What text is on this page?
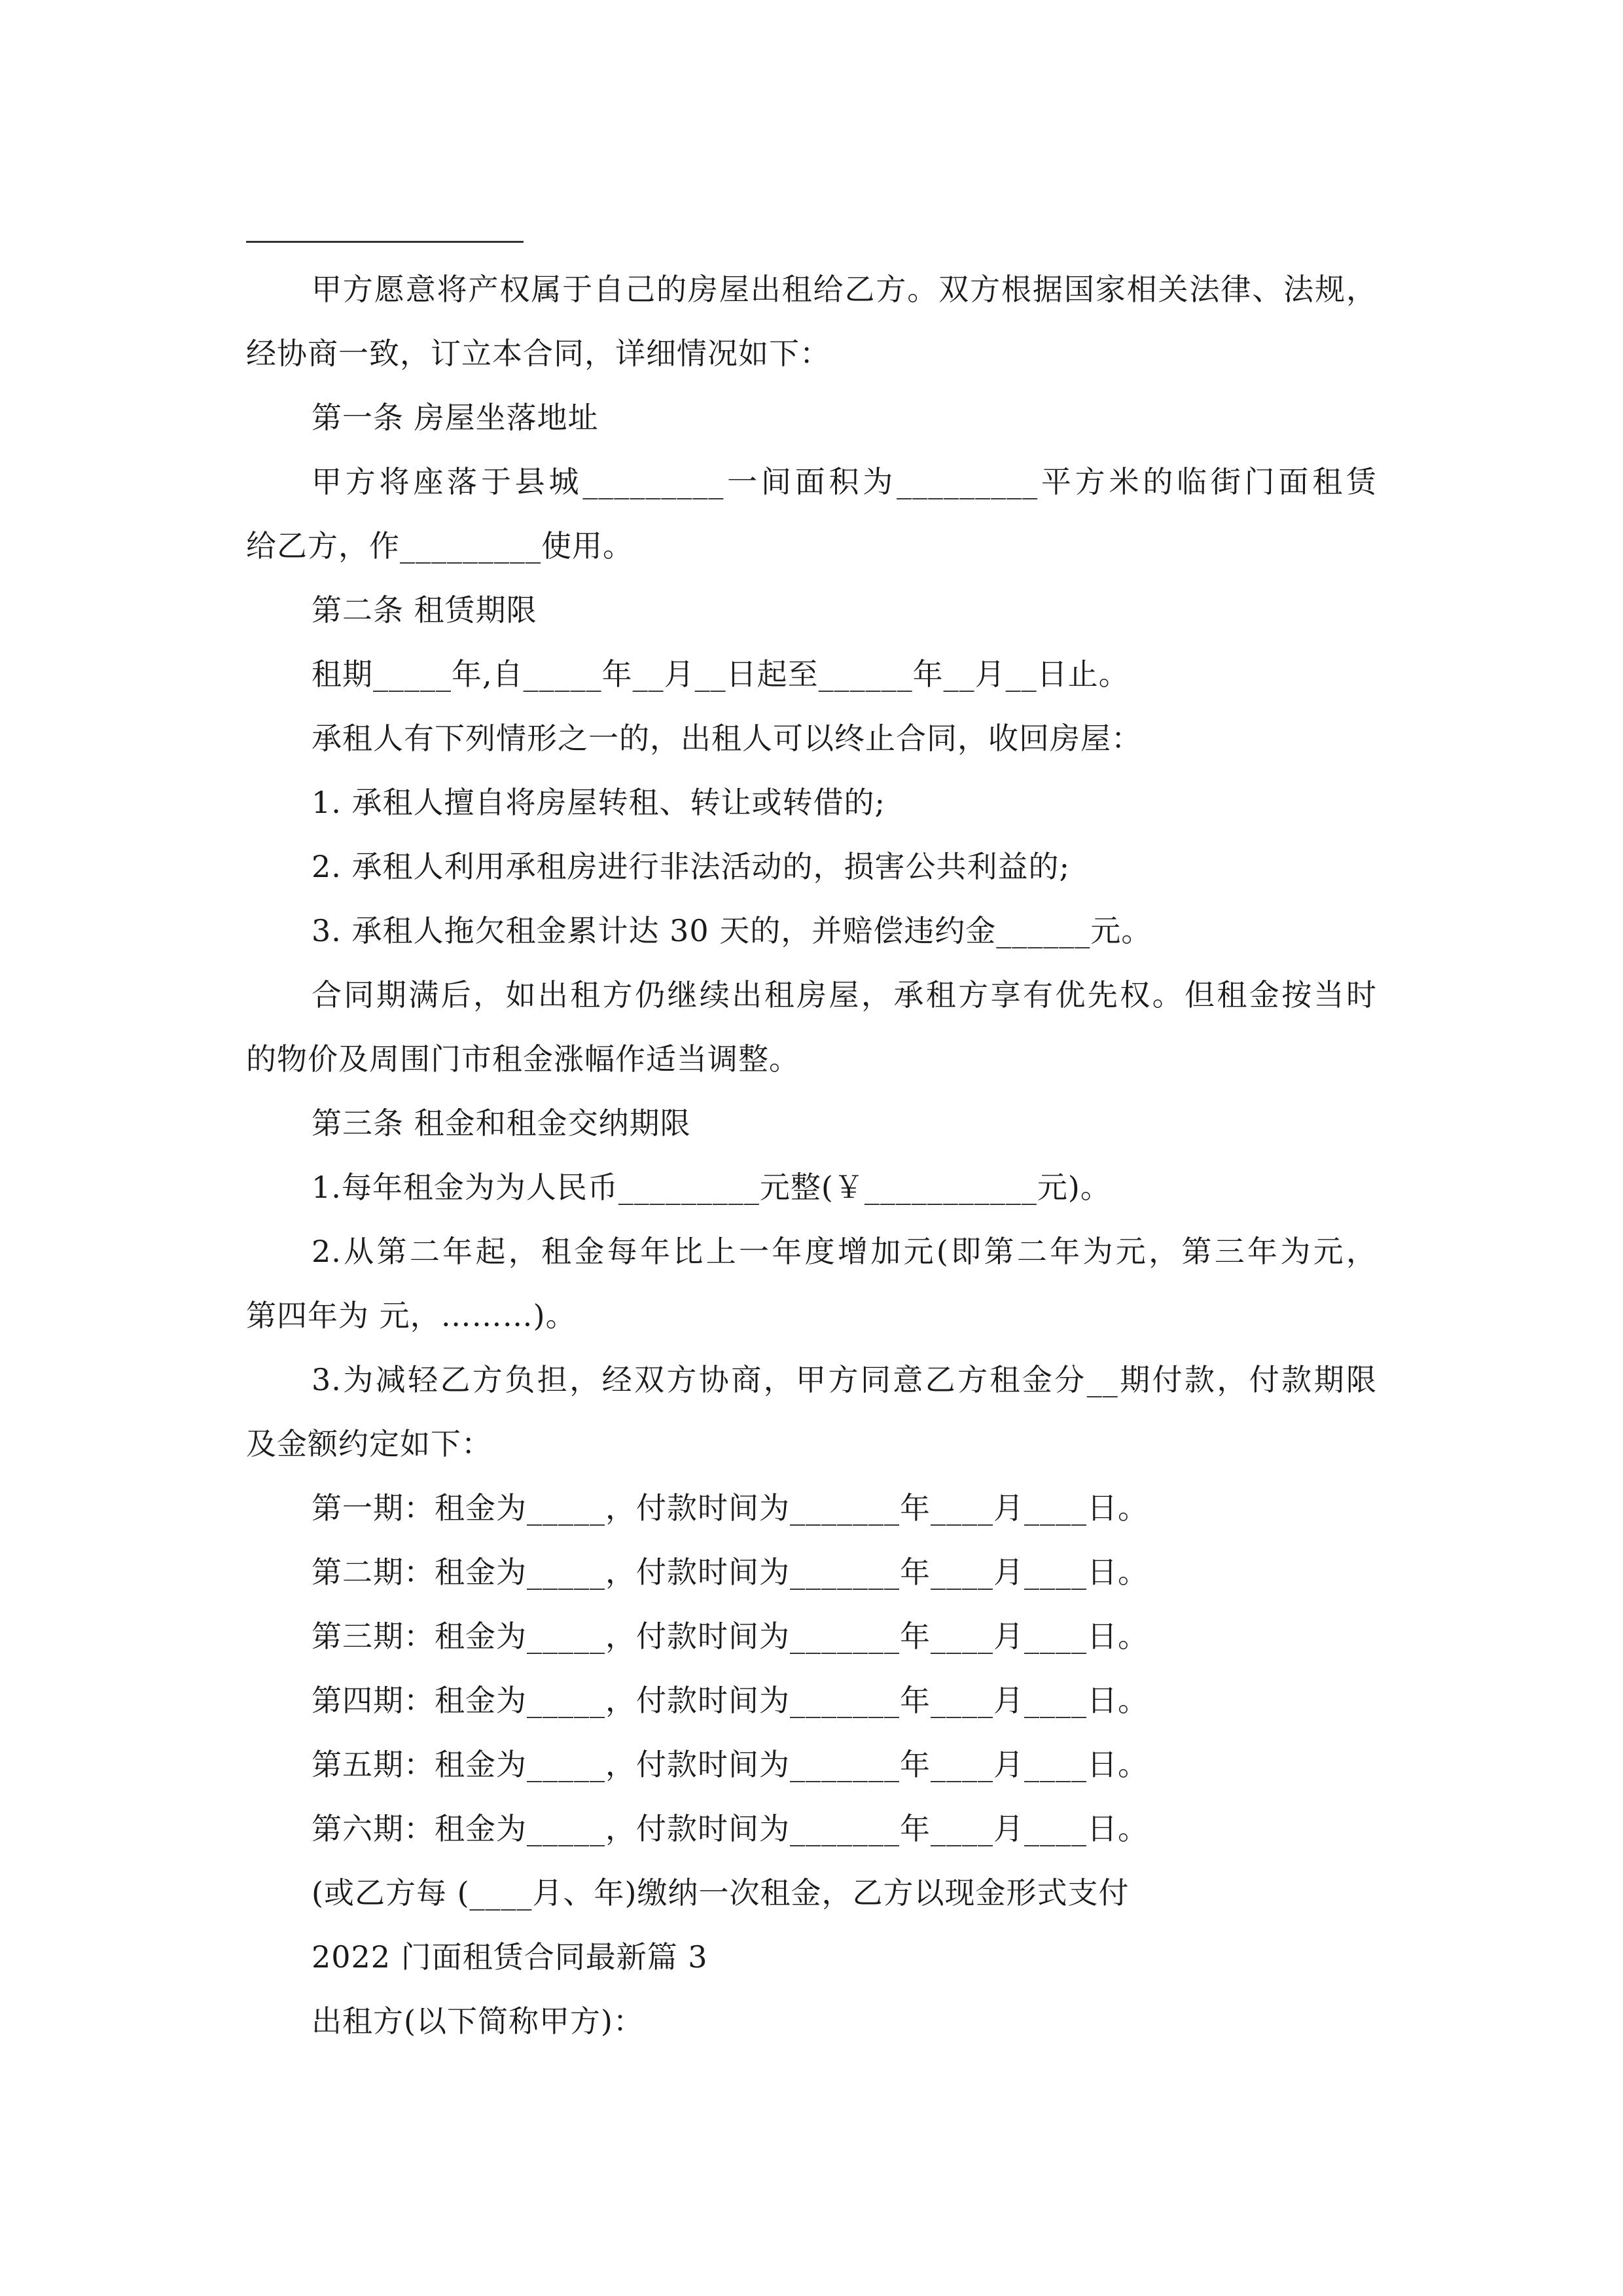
甲方愿意将产权属于自己的房屋出租给乙方。双方根据国家相关法律、法规，
经协商一致，订立本合同，详细情况如下：
第一条 房屋坐落地址
甲方将座落于县城_________一间面积为_________平方米的临街门面租赁
给乙方，作_________使用。
第二条 租赁期限
租期_____年,自_____年__月__日起至______年__月__日止。
承租人有下列情形之一的，出租人可以终止合同，收回房屋：
1. 承租人擅自将房屋转租、转让或转借的;
2. 承租人利用承租房进行非法活动的，损害公共利益的;
3. 承租人拖欠租金累计达 30 天的，并赔偿违约金______元。
合同期满后，如出租方仍继续出租房屋，承租方享有优先权。但租金按当时
的物价及周围门市租金涨幅作适当调整。
第三条 租金和租金交纳期限
1.每年租金为为人民币_________元整(￥___________元)。
2.从第二年起，租金每年比上一年度增加元(即第二年为元，第三年为元，
第四年为 元，………)。
3.为减轻乙方负担，经双方协商，甲方同意乙方租金分__期付款，付款期限
及金额约定如下：
第一期：租金为_____，付款时间为_______年____月____日。
第二期：租金为_____，付款时间为_______年____月____日。
第三期：租金为_____，付款时间为_______年____月____日。
第四期：租金为_____，付款时间为_______年____月____日。
第五期：租金为_____，付款时间为_______年____月____日。
第六期：租金为_____，付款时间为_______年____月____日。
(或乙方每 (____月、年)缴纳一次租金，乙方以现金形式支付
2022 门面租赁合同最新篇 3
出租方(以下简称甲方)：
